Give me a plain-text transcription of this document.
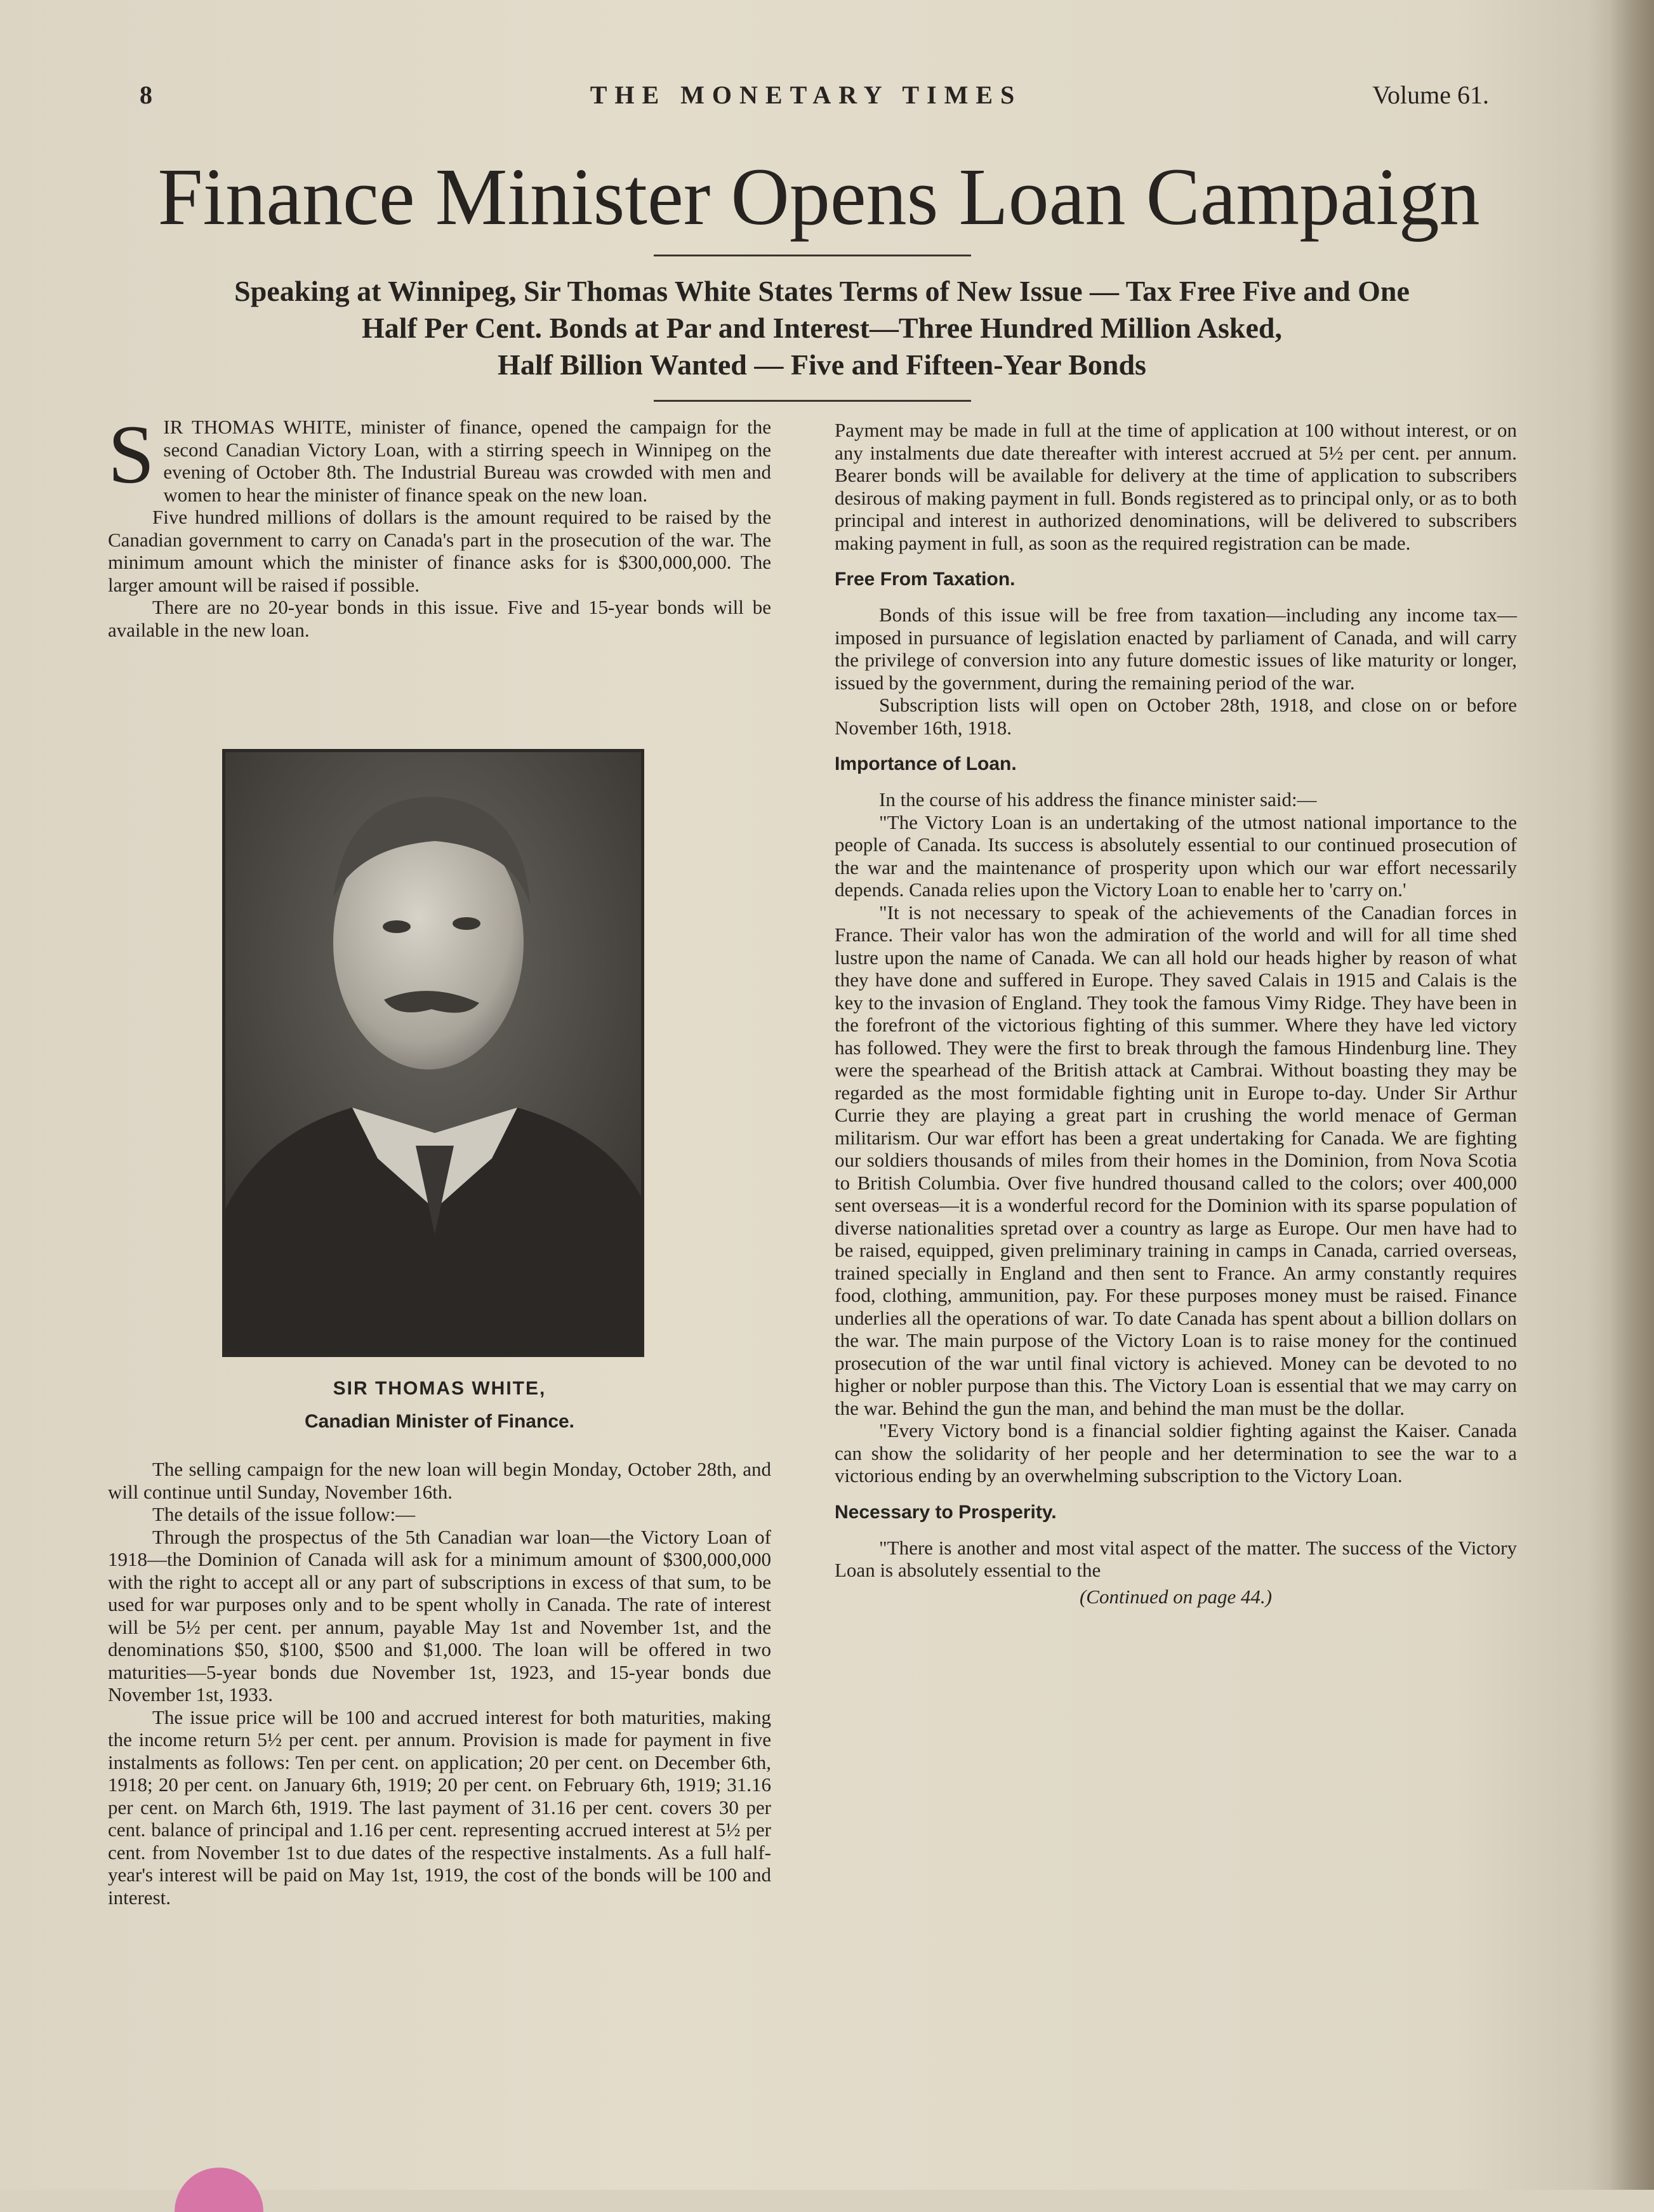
8	THE MONETARY TIMES	Volume 61.
Finance Minister Opens Loan Campaign
Speaking at Winnipeg, Sir Thomas White States Terms of New Issue — Tax Free Five and One
Half Per Cent. Bonds at Par and Interest—Three Hundred Million Asked,
Half Billion Wanted — Five and Fifteen-Year Bonds

SIR THOMAS WHITE, minister of finance, opened the campaign for the second Canadian Victory Loan, with a stirring speech in Winnipeg on the evening of October 8th. The Industrial Bureau was crowded with men and women to hear the minister of finance speak on the new loan.

Five hundred millions of dollars is the amount required to be raised by the Canadian government to carry on Canada's part in the prosecution of the war. The minimum amount which the minister of finance asks for is $300,000,000. The larger amount will be raised if possible.

There are no 20-year bonds in this issue. Five and 15-year bonds will be available in the new loan.

SIR THOMAS WHITE,
Canadian Minister of Finance.

The selling campaign for the new loan will begin Monday, October 28th, and will continue until Sunday, November 16th.

The details of the issue follow:—

Through the prospectus of the 5th Canadian war loan—the Victory Loan of 1918—the Dominion of Canada will ask for a minimum amount of $300,000,000 with the right to accept all or any part of subscriptions in excess of that sum, to be used for war purposes only and to be spent wholly in Canada. The rate of interest will be 5½ per cent. per annum, payable May 1st and November 1st, and the denominations $50, $100, $500 and $1,000. The loan will be offered in two maturities—5-year bonds due November 1st, 1923, and 15-year bonds due November 1st, 1933.

The issue price will be 100 and accrued interest for both maturities, making the income return 5½ per cent. per annum. Provision is made for payment in five instalments as follows: Ten per cent. on application; 20 per cent. on December 6th, 1918; 20 per cent. on January 6th, 1919; 20 per cent. on February 6th, 1919; 31.16 per cent. on March 6th, 1919. The last payment of 31.16 per cent. covers 30 per cent. balance of principal and 1.16 per cent. representing accrued interest at 5½ per cent. from November 1st to due dates of the respective instalments. As a full half-year's interest will be paid on May 1st, 1919, the cost of the bonds will be 100 and interest.

Payment may be made in full at the time of application at 100 without interest, or on any instalments due date thereafter with interest accrued at 5½ per cent. per annum. Bearer bonds will be available for delivery at the time of application to subscribers desirous of making payment in full. Bonds registered as to principal only, or as to both principal and interest in authorized denominations, will be delivered to subscribers making payment in full, as soon as the required registration can be made.

Free From Taxation.

Bonds of this issue will be free from taxation—including any income tax—imposed in pursuance of legislation enacted by parliament of Canada, and will carry the privilege of conversion into any future domestic issues of like maturity or longer, issued by the government, during the remaining period of the war.

Subscription lists will open on October 28th, 1918, and close on or before November 16th, 1918.

Importance of Loan.

In the course of his address the finance minister said:—

"The Victory Loan is an undertaking of the utmost national importance to the people of Canada. Its success is absolutely essential to our continued prosecution of the war and the maintenance of prosperity upon which our war effort necessarily depends. Canada relies upon the Victory Loan to enable her to 'carry on.'

"It is not necessary to speak of the achievements of the Canadian forces in France. Their valor has won the admiration of the world and will for all time shed lustre upon the name of Canada. We can all hold our heads higher by reason of what they have done and suffered in Europe. They saved Calais in 1915 and Calais is the key to the invasion of England. They took the famous Vimy Ridge. They have been in the forefront of the victorious fighting of this summer. Where they have led victory has followed. They were the first to break through the famous Hindenburg line. They were the spearhead of the British attack at Cambrai. Without boasting they may be regarded as the most formidable fighting unit in Europe to-day. Under Sir Arthur Currie they are playing a great part in crushing the world menace of German militarism. Our war effort has been a great undertaking for Canada. We are fighting our soldiers thousands of miles from their homes in the Dominion, from Nova Scotia to British Columbia. Over five hundred thousand called to the colors; over 400,000 sent overseas—it is a wonderful record for the Dominion with its sparse population of diverse nationalities spretad over a country as large as Europe. Our men have had to be raised, equipped, given preliminary training in camps in Canada, carried overseas, trained specially in England and then sent to France. An army constantly requires food, clothing, ammunition, pay. For these purposes money must be raised. Finance underlies all the operations of war. To date Canada has spent about a billion dollars on the war. The main purpose of the Victory Loan is to raise money for the continued prosecution of the war until final victory is achieved. Money can be devoted to no higher or nobler purpose than this. The Victory Loan is essential that we may carry on the war. Behind the gun the man, and behind the man must be the dollar.

"Every Victory bond is a financial soldier fighting against the Kaiser. Canada can show the solidarity of her people and her determination to see the war to a victorious ending by an overwhelming subscription to the Victory Loan.

Necessary to Prosperity.

"There is another and most vital aspect of the matter. The success of the Victory Loan is absolutely essential to the

(Continued on page 44.)
